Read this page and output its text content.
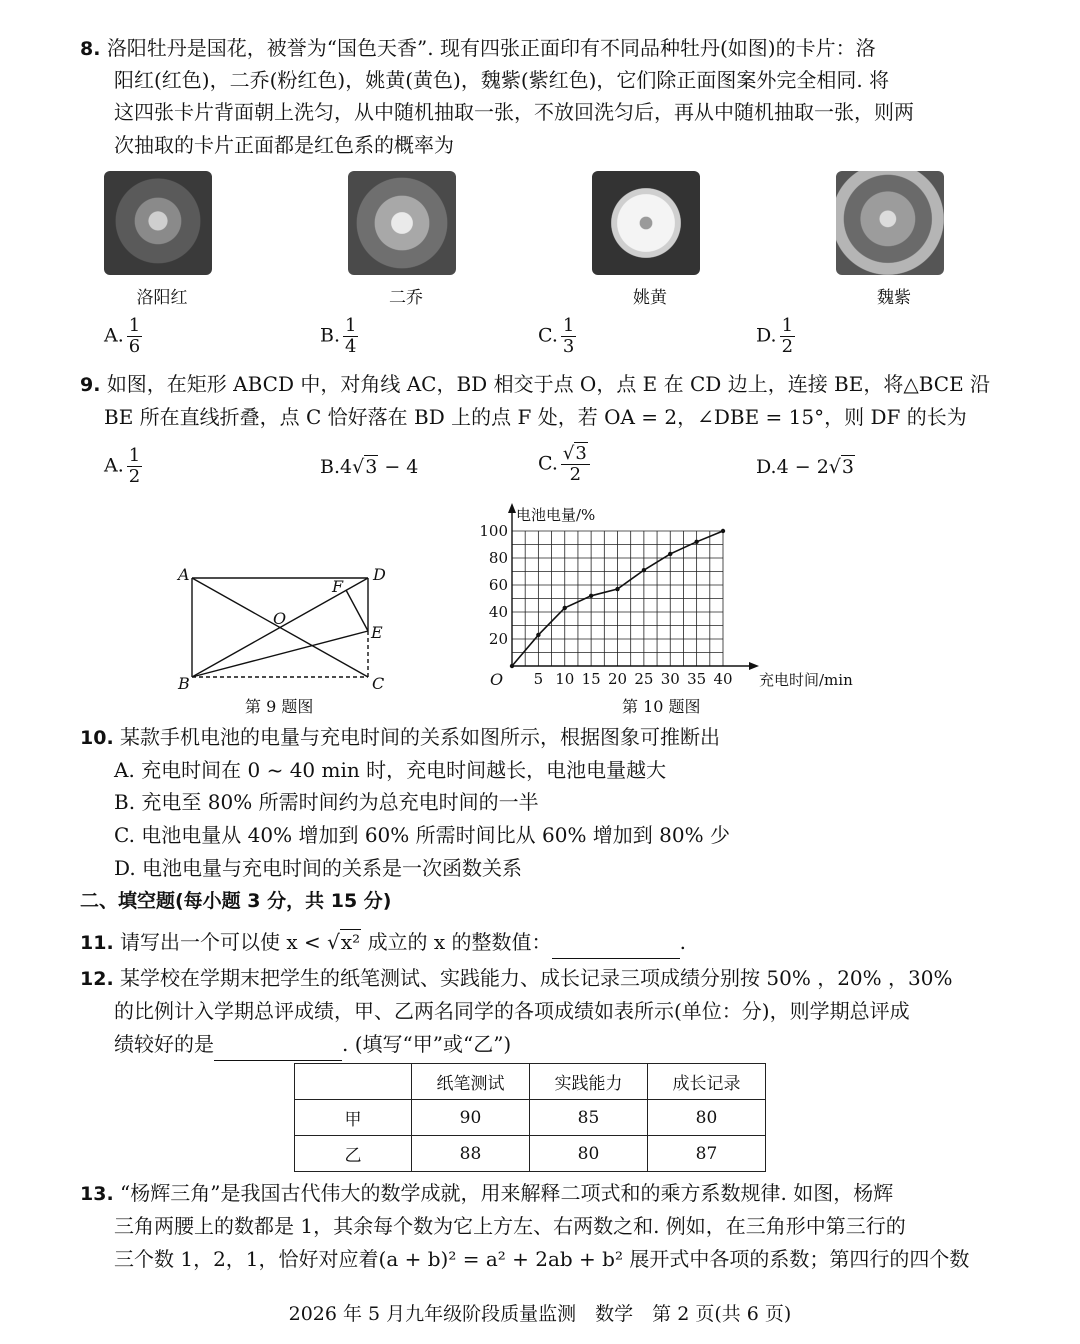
8. 洛阳牡丹是国花，被誉为“国色天香”. 现有四张正面印有不同品种牡丹(如图)的卡片：洛
阳红(红色)，二乔(粉红色)，姚黄(黄色)，魏紫(紫红色)，它们除正面图案外完全相同. 将
这四张卡片背面朝上洗匀，从中随机抽取一张，不放回洗匀后，再从中随机抽取一张，则两
次抽取的卡片正面都是红色系的概率为
洛阳红	二乔	姚黄	魏紫
A. $\frac{1}{6}$	B. $\frac{1}{4}$	C. $\frac{1}{3}$	D. $\frac{1}{2}$
9. 如图，在矩形 ABCD 中，对角线 AC，BD 相交于点 O，点 E 在 CD 边上，连接 BE，将△BCE 沿
BE 所在直线折叠，点 C 恰好落在 BD 上的点 F 处，若 OA = 2，∠DBE = 15°，则 DF 的长为
A. $\frac{1}{2}$	B.4√3 − 4	C. $\frac{√3}{2}$	D.4 − 2√3
A
B	C
D
E
F
O
第 9 题图
5 10 15 20 25 30 35 40
20
40
60
80
100
O
电池电量/%
充电时间/min
第 10 题图
10. 某款手机电池的电量与充电时间的关系如图所示，根据图象可推断出
A. 充电时间在 0 ~ 40 min 时，充电时间越长，电池电量越大
B. 充电至 80% 所需时间约为总充电时间的一半
C. 电池电量从 40% 增加到 60% 所需时间比从 60% 增加到 80% 少
D. 电池电量与充电时间的关系是一次函数关系
二、填空题(每小题 3 分，共 15 分)
11. 请写出一个可以使 x < √x² 成立的 x 的整数值：	.
12. 某学校在学期末把学生的纸笔测试、实践能力、成长记录三项成绩分别按 50% ，20% ，30%
的比例计入学期总评成绩，甲、乙两名同学的各项成绩如表所示(单位：分)，则学期总评成
绩较好的是	. (填写“甲”或“乙”)
	纸笔测试	实践能力	成长记录
甲	90	85	80
乙	88	80	87
13. “杨辉三角”是我国古代伟大的数学成就，用来解释二项式和的乘方系数规律. 如图，杨辉
三角两腰上的数都是 1，其余每个数为它上方左、右两数之和. 例如，在三角形中第三行的
三个数 1，2，1，恰好对应着(a + b)² = a² + 2ab + b² 展开式中各项的系数；第四行的四个数
2026 年 5 月九年级阶段质量监测　数学　第 2 页(共 6 页)
